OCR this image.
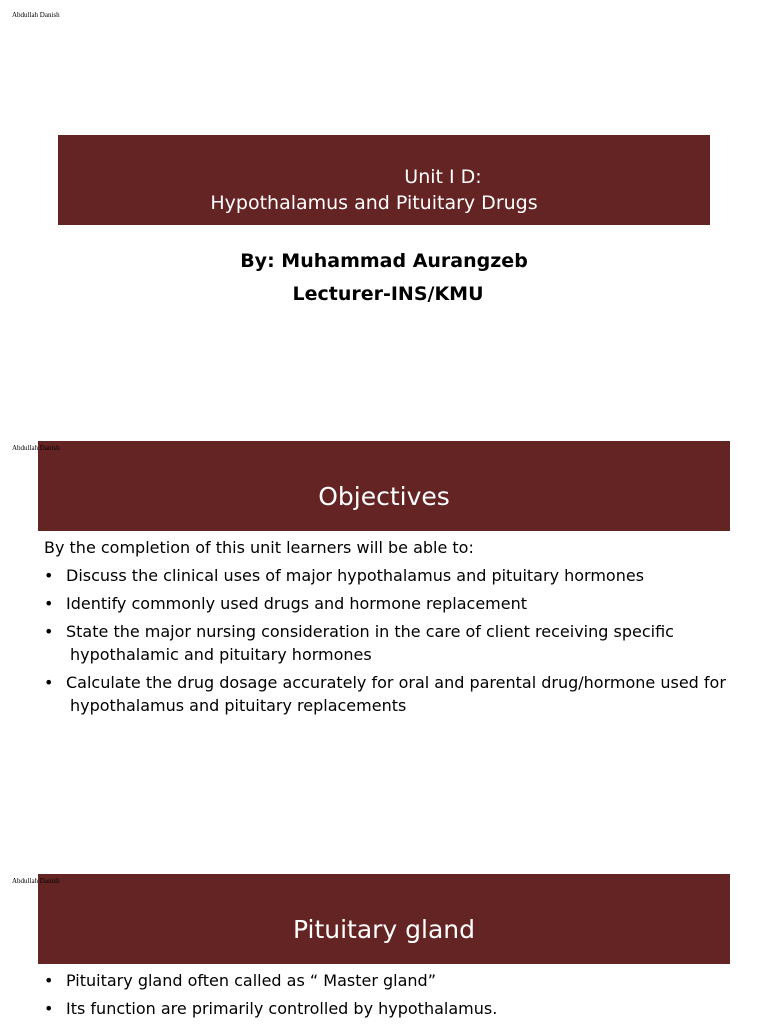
Abdullah Danish
Unit I D:
Hypothalamus and Pituitary Drugs
By: Muhammad Aurangzeb
Lecturer-INS/KMU
Objectives
Abdullah Danish
By the completion of this unit learners will be able to:
• Discuss the clinical uses of major hypothalamus and pituitary hormones
• Identify commonly used drugs and hormone replacement
• State the major nursing consideration in the care of client receiving specific
hypothalamic and pituitary hormones
• Calculate the drug dosage accurately for oral and parental drug/hormone used for
hypothalamus and pituitary replacements
Pituitary gland
Abdullah Danish
• Pituitary gland often called as “ Master gland”
• Its function are primarily controlled by hypothalamus.
